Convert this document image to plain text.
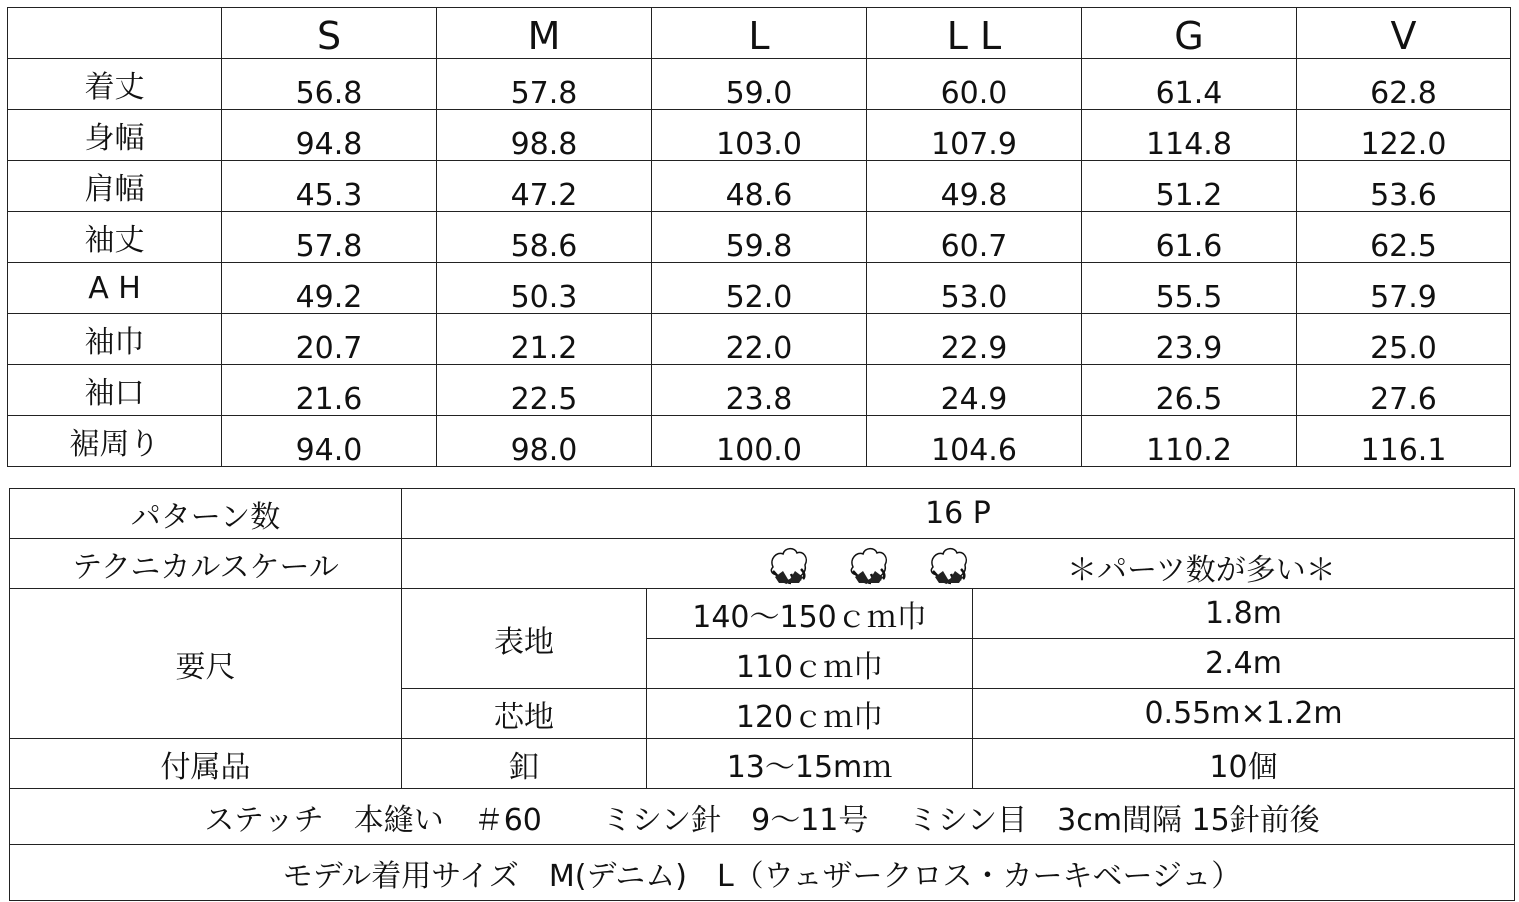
	S	M	L	L L	G	V
着丈	56.8	57.8	59.0	60.0	61.4	62.8
身幅	94.8	98.8	103.0	107.9	114.8	122.0
肩幅	45.3	47.2	48.6	49.8	51.2	53.6
袖丈	57.8	58.6	59.8	60.7	61.6	62.5
A H	49.2	50.3	52.0	53.0	55.5	57.9
袖巾	20.7	21.2	22.0	22.9	23.9	25.0
袖口	21.6	22.5	23.8	24.9	26.5	27.6
裾周り	94.0	98.0	100.0	104.6	110.2	116.1
パターン数	16 P		
テクニカルスケール	＊パーツ数が多い＊		

要尺	表地	140〜150ｃｍ巾	1.8m
		110ｃｍ巾	2.4m
	芯地	120ｃｍ巾	0.55m×1.2m
付属品	釦	13〜15mｍ	10個
ステッチ　本縫い　＃60　　ミシン針　9〜11号　 ミシン目　3cm間隔 15針前後			
モデル着用サイズ　M(デニム)　L（ウェザークロス・カーキベージュ）			
